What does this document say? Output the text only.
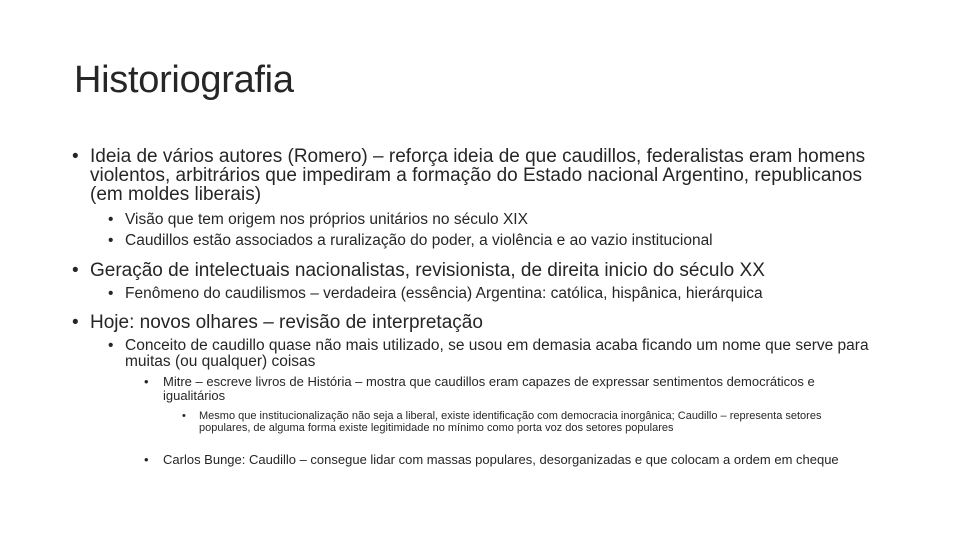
Historiografia
• Ideia de vários autores (Romero) – reforça ideia de que caudillos, federalistas eram homens violentos, arbitrários que impediram a formação do Estado nacional Argentino, republicanos (em moldes liberais)
• Visão que tem origem nos próprios unitários no século XIX
• Caudillos estão associados a ruralização do poder, a violência e ao vazio institucional
• Geração de intelectuais nacionalistas, revisionista, de direita inicio do século XX
• Fenômeno do caudilismos – verdadeira (essência) Argentina: católica, hispânica, hierárquica
• Hoje: novos olhares – revisão de interpretação
• Conceito de caudillo quase não mais utilizado, se usou em demasia acaba ficando um nome que serve para muitas (ou qualquer) coisas
• Mitre – escreve livros de História – mostra que caudillos eram capazes de expressar sentimentos democráticos e igualitários
• Mesmo que institucionalização não seja a liberal, existe identificação com democracia inorgânica; Caudillo – representa setores populares, de alguma forma existe legitimidade no mínimo como porta voz dos setores populares
• Carlos Bunge: Caudillo – consegue lidar com massas populares, desorganizadas e que colocam a ordem em cheque
